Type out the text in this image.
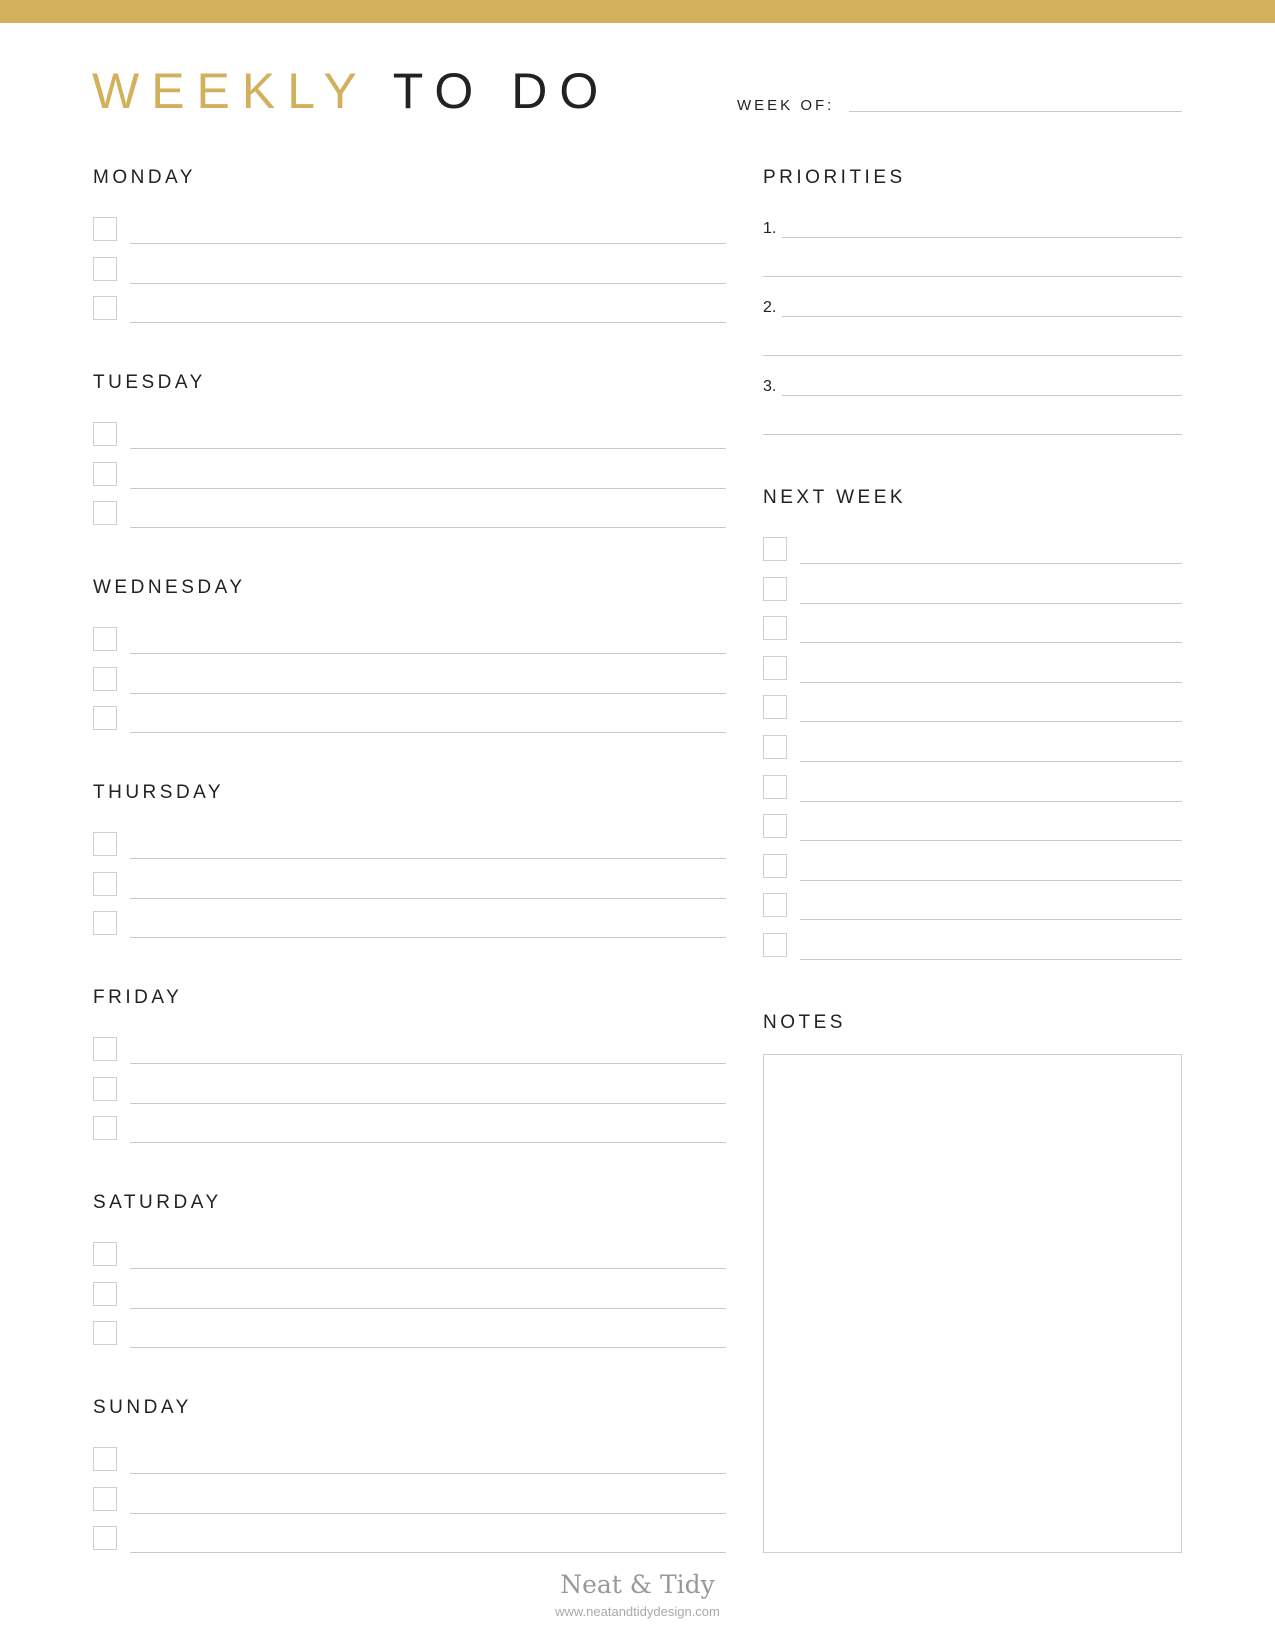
WEEKLY TO DO	WEEK OF:
MONDAY
TUESDAY
WEDNESDAY
THURSDAY
FRIDAY
SATURDAY
SUNDAY
PRIORITIES
NEXT WEEK
NOTES
1.
2.
3.
Neat & Tidy
www.neatandtidydesign.com
